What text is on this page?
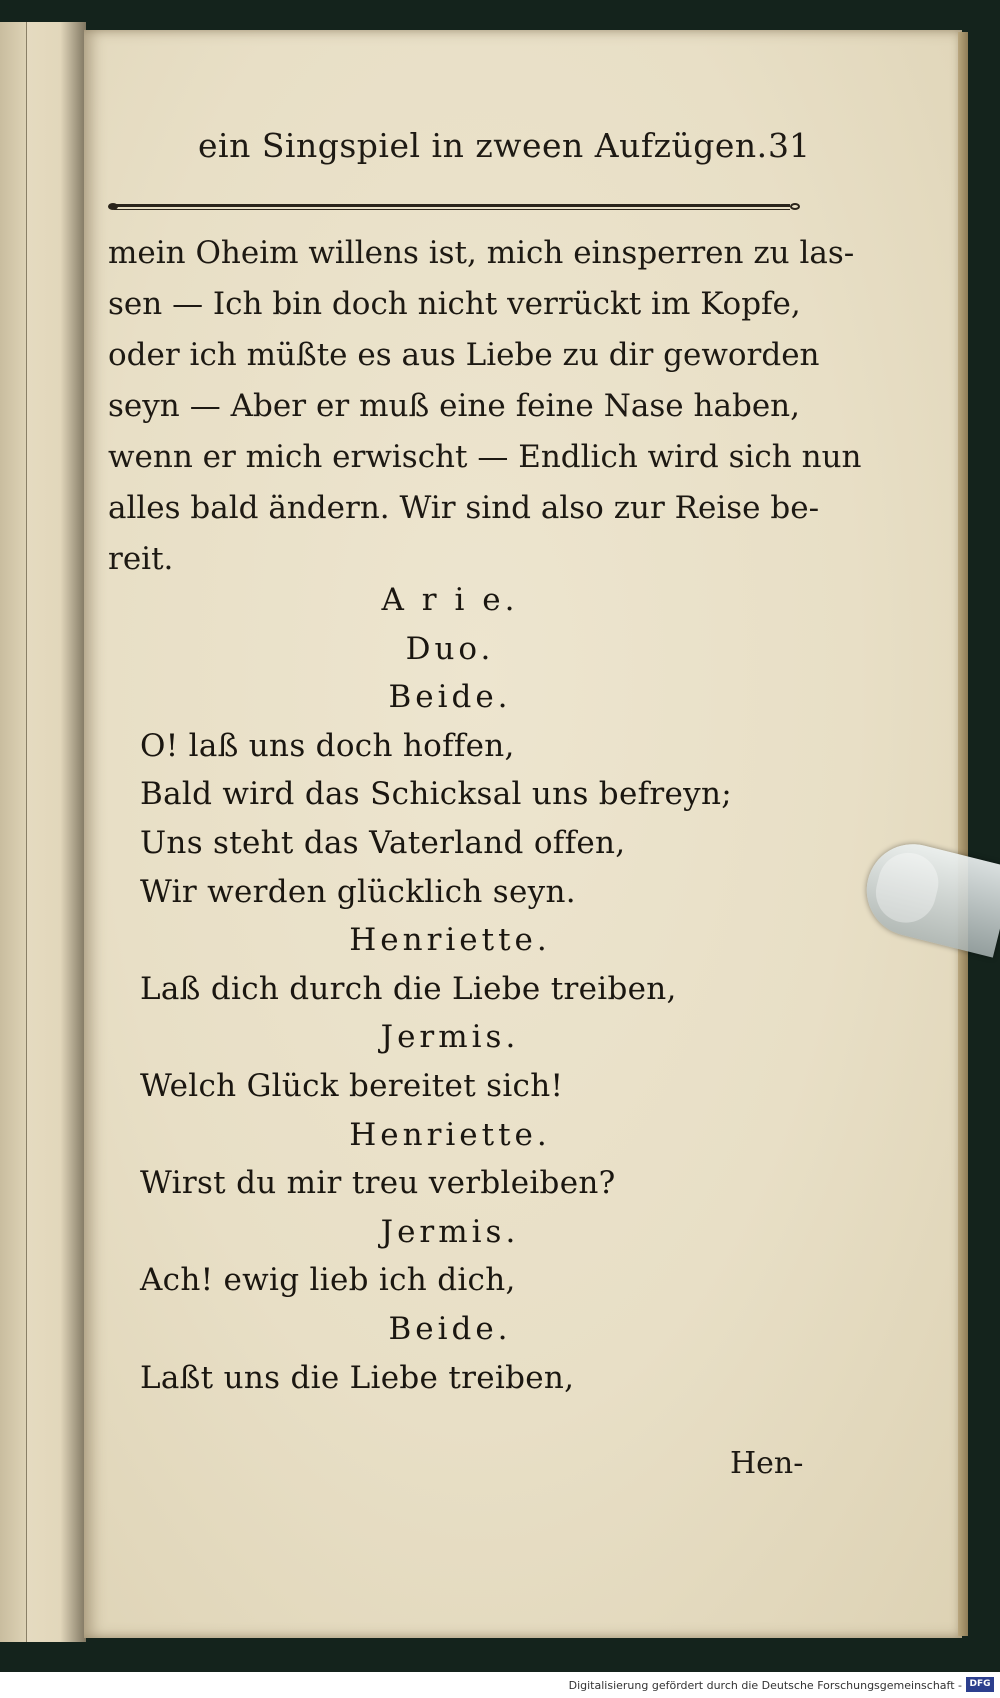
ein Singspiel in zween Aufzügen. 31
mein Oheim willens ist, mich einsperren zu las-
sen — Ich bin doch nicht verrückt im Kopfe,
oder ich müßte es aus Liebe zu dir geworden
seyn — Aber er muß eine feine Nase haben,
wenn er mich erwischt — Endlich wird sich nun
alles bald ändern. Wir sind also zur Reise be-
reit.
A r i e.
Duo.
Beide.
O! laß uns doch hoffen,
Bald wird das Schicksal uns befreyn;
Uns steht das Vaterland offen,
Wir werden glücklich seyn.
Henriette.
Laß dich durch die Liebe treiben,
Jermis.
Welch Glück bereitet sich!
Henriette.
Wirst du mir treu verbleiben?
Jermis.
Ach! ewig lieb ich dich,
Beide.
Laßt uns die Liebe treiben,
Hen-
Digitalisierung gefördert durch die Deutsche Forschungsgemeinschaft - DFG
